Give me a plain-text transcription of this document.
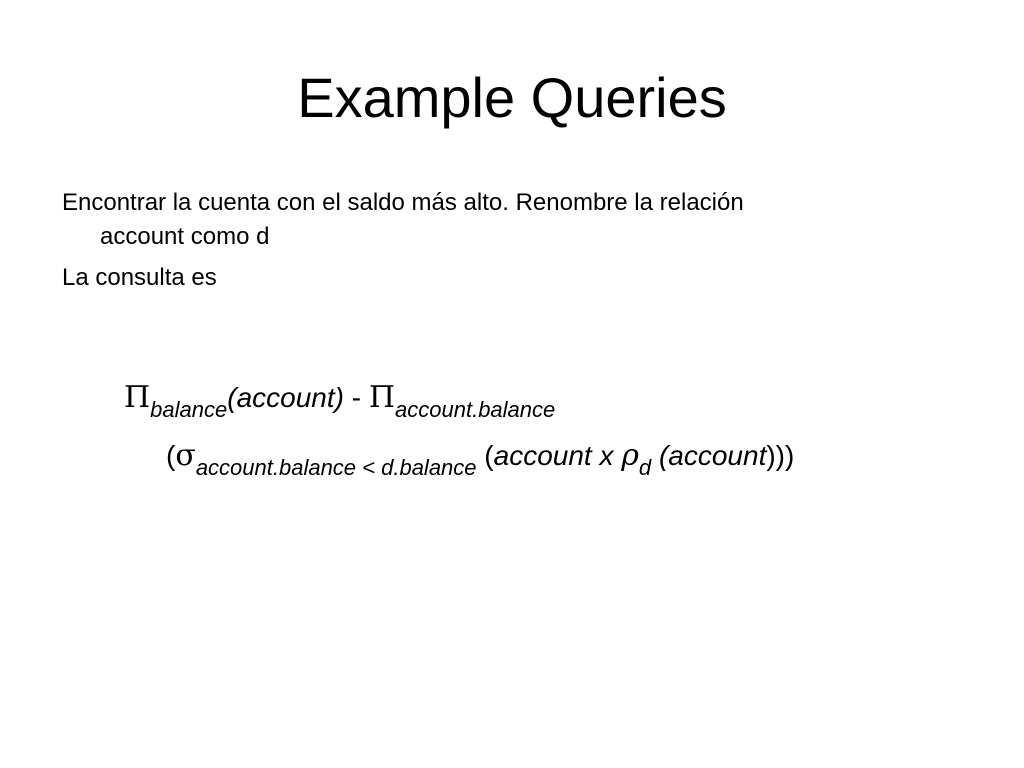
Example Queries
Encontrar la cuenta con el saldo más alto. Renombre la relación
account como d
La consulta es
$\Pi_{balance}(account) - \Pi_{account.balance}$
($\sigma_{account.balance < d.balance}$ (account x $\rho_d$ (account)))
